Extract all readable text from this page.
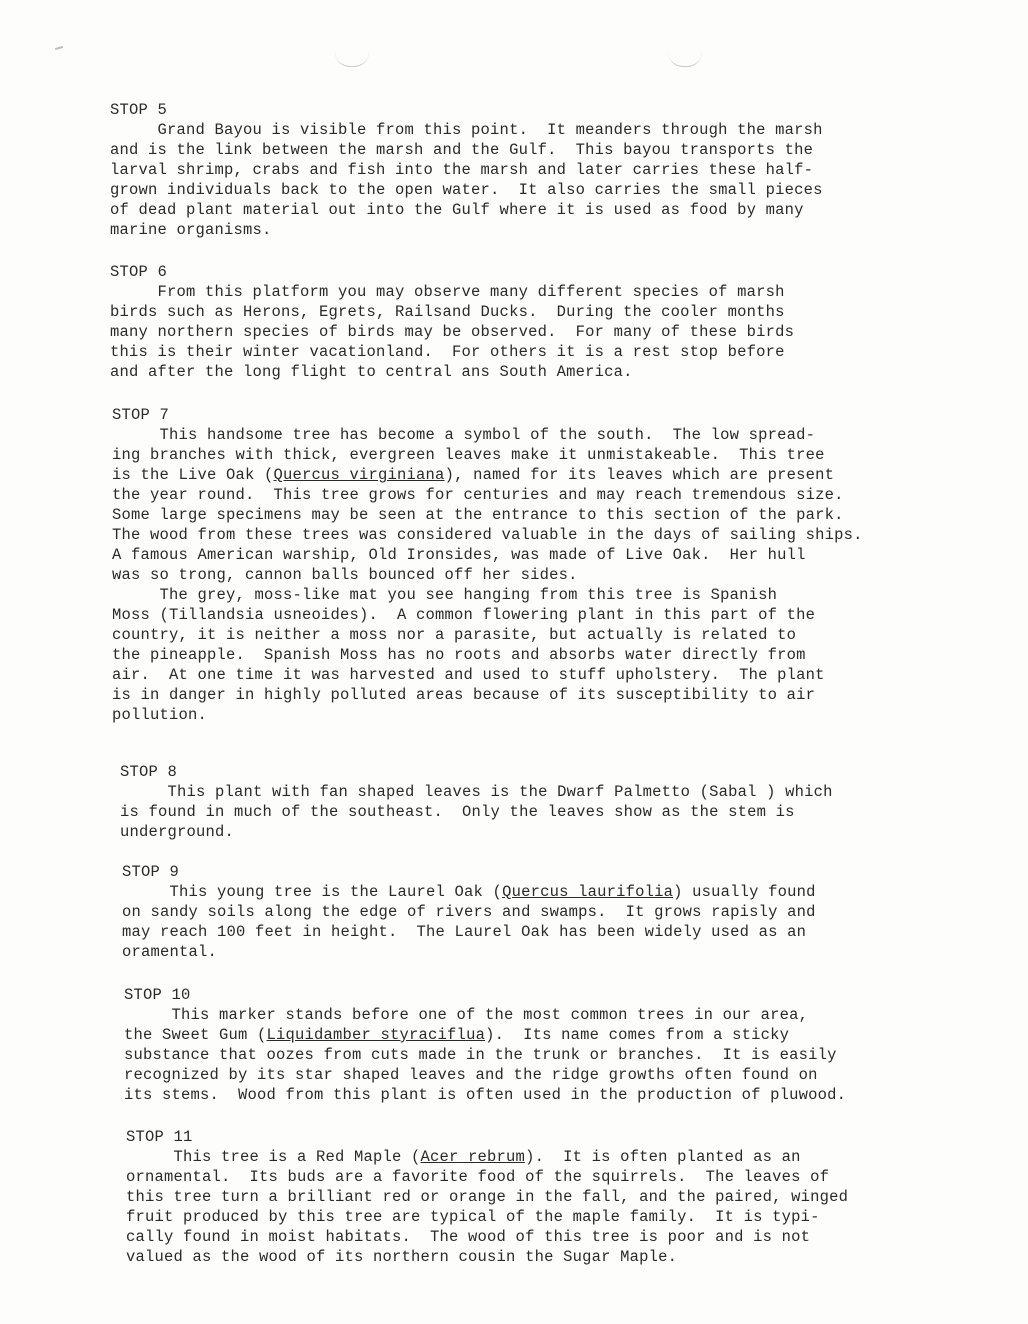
STOP 5
Grand Bayou is visible from this point.  It meanders through the marsh
and is the link between the marsh and the Gulf.  This bayou transports the
larval shrimp, crabs and fish into the marsh and later carries these half-
grown individuals back to the open water.  It also carries the small pieces
of dead plant material out into the Gulf where it is used as food by many
marine organisms.
STOP 6
From this platform you may observe many different species of marsh
birds such as Herons, Egrets, Railsand Ducks.  During the cooler months
many northern species of birds may be observed.  For many of these birds
this is their winter vacationland.  For others it is a rest stop before
and after the long flight to central ans South America.
STOP 7
This handsome tree has become a symbol of the south.  The low spread-
ing branches with thick, evergreen leaves make it unmistakeable.  This tree
is the Live Oak (Quercus virginiana), named for its leaves which are present
the year round.  This tree grows for centuries and may reach tremendous size.
Some large specimens may be seen at the entrance to this section of the park.
The wood from these trees was considered valuable in the days of sailing ships.
A famous American warship, Old Ironsides, was made of Live Oak.  Her hull
was so trong, cannon balls bounced off her sides.
The grey, moss-like mat you see hanging from this tree is Spanish
Moss (Tillandsia usneoides).  A common flowering plant in this part of the
country, it is neither a moss nor a parasite, but actually is related to
the pineapple.  Spanish Moss has no roots and absorbs water directly from
air.  At one time it was harvested and used to stuff upholstery.  The plant
is in danger in highly polluted areas because of its susceptibility to air
pollution.
STOP 8
This plant with fan shaped leaves is the Dwarf Palmetto (Sabal ) which
is found in much of the southeast.  Only the leaves show as the stem is
underground.
STOP 9
This young tree is the Laurel Oak (Quercus laurifolia) usually found
on sandy soils along the edge of rivers and swamps.  It grows rapisly and
may reach 100 feet in height.  The Laurel Oak has been widely used as an
oramental.
STOP 10
This marker stands before one of the most common trees in our area,
the Sweet Gum (Liquidamber styraciflua).  Its name comes from a sticky
substance that oozes from cuts made in the trunk or branches.  It is easily
recognized by its star shaped leaves and the ridge growths often found on
its stems.  Wood from this plant is often used in the production of pluwood.
STOP 11
This tree is a Red Maple (Acer rebrum).  It is often planted as an
ornamental.  Its buds are a favorite food of the squirrels.  The leaves of
this tree turn a brilliant red or orange in the fall, and the paired, winged
fruit produced by this tree are typical of the maple family.  It is typi-
cally found in moist habitats.  The wood of this tree is poor and is not
valued as the wood of its northern cousin the Sugar Maple.
